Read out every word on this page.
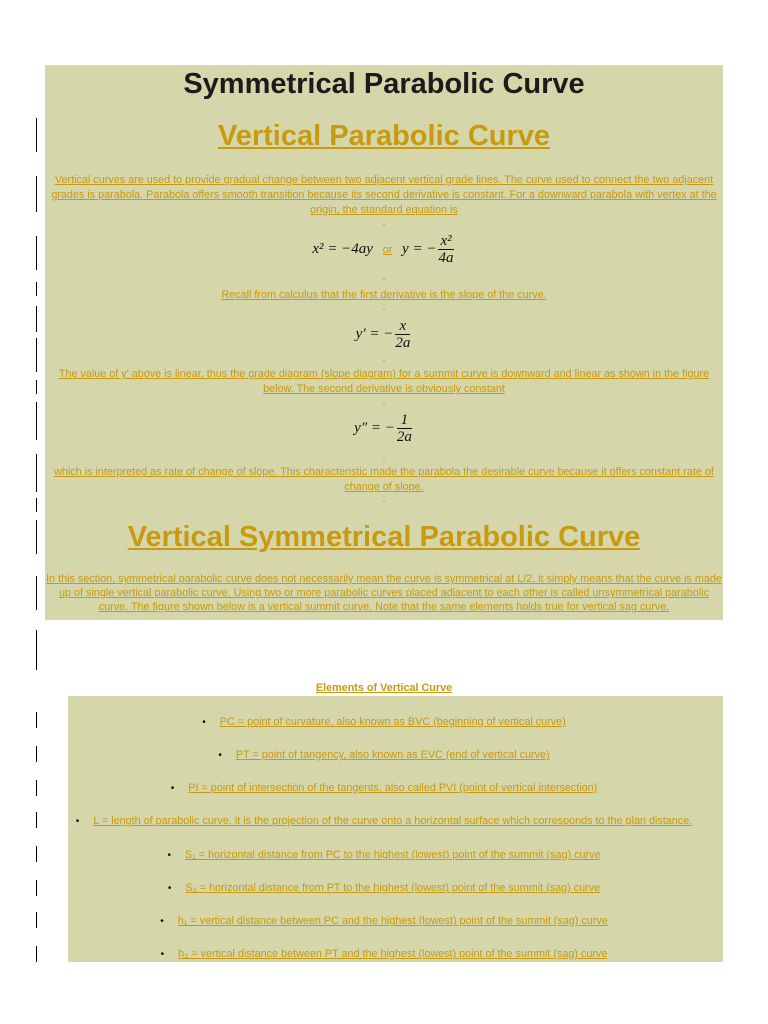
Symmetrical Parabolic Curve
Vertical Parabolic Curve

Vertical curves are used to provide gradual change between two adjacent vertical grade lines. The curve used to connect the two adjacent grades is parabola. Parabola offers smooth transition because its second derivative is constant. For a downward parabola with vertex at the origin, the standard equation is

-
x² = −4ay or y = − $\frac{\text{x²}}{4a}$
-

Recall from calculus that the first derivative is the slope of the curve.

-
y′ = − $\frac{x}{2a}$
-

The value of y' above is linear, thus the grade diagram (slope diagram) for a summit curve is downward and linear as shown in the figure below. The second derivative is obviously constant

-
y″ = − $\frac{1}{2a}$
-

which is interpreted as rate of change of slope. This characteristic made the parabola the desirable curve because it offers constant rate of change of slope.

-
Vertical Symmetrical Parabolic Curve

In this section, symmetrical parabolic curve does not necessarily mean the curve is symmetrical at L/2, it simply means that the curve is made up of single vertical parabolic curve. Using two or more parabolic curves placed adjacent to each other is called unsymmetrical parabolic curve. The figure shown below is a vertical summit curve. Note that the same elements holds true for vertical sag curve.

Elements of Vertical Curve
• PC = point of curvature, also known as BVC (beginning of vertical curve)
• PT = point of tangency, also known as EVC (end of vertical curve)
• PI = point of intersection of the tangents, also called PVI (point of vertical intersection)
• L = length of parabolic curve, it is the projection of the curve onto a horizontal surface which corresponds to the plan distance.
• S₁ = horizontal distance from PC to the highest (lowest) point of the summit (sag) curve
• S₂ = horizontal distance from PT to the highest (lowest) point of the summit (sag) curve
• h₁ = vertical distance between PC and the highest (lowest) point of the summit (sag) curve
• h₂ = vertical distance between PT and the highest (lowest) point of the summit (sag) curve
